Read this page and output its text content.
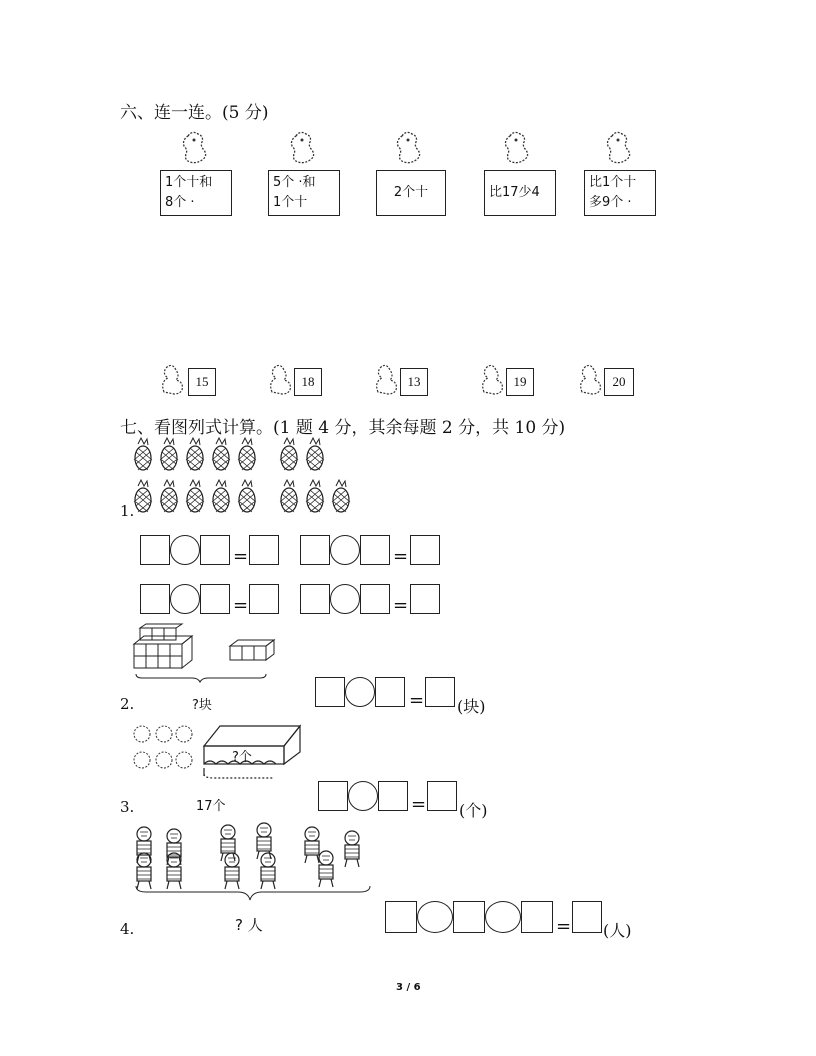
六、连一连。(5 分)
1个十和
8个 ·
5个 ·和
1个十
2个十	比17少4
比1个十
多9个 ·
15	18	13	19	20
七、看图列式计算。(1 题 4 分，其余每题 2 分，共 10 分)
1.
=	=
=	=
?块
2.	= (块)
?个
17个
3.	= (个)
? 人
4.	= (人)
3 / 6
